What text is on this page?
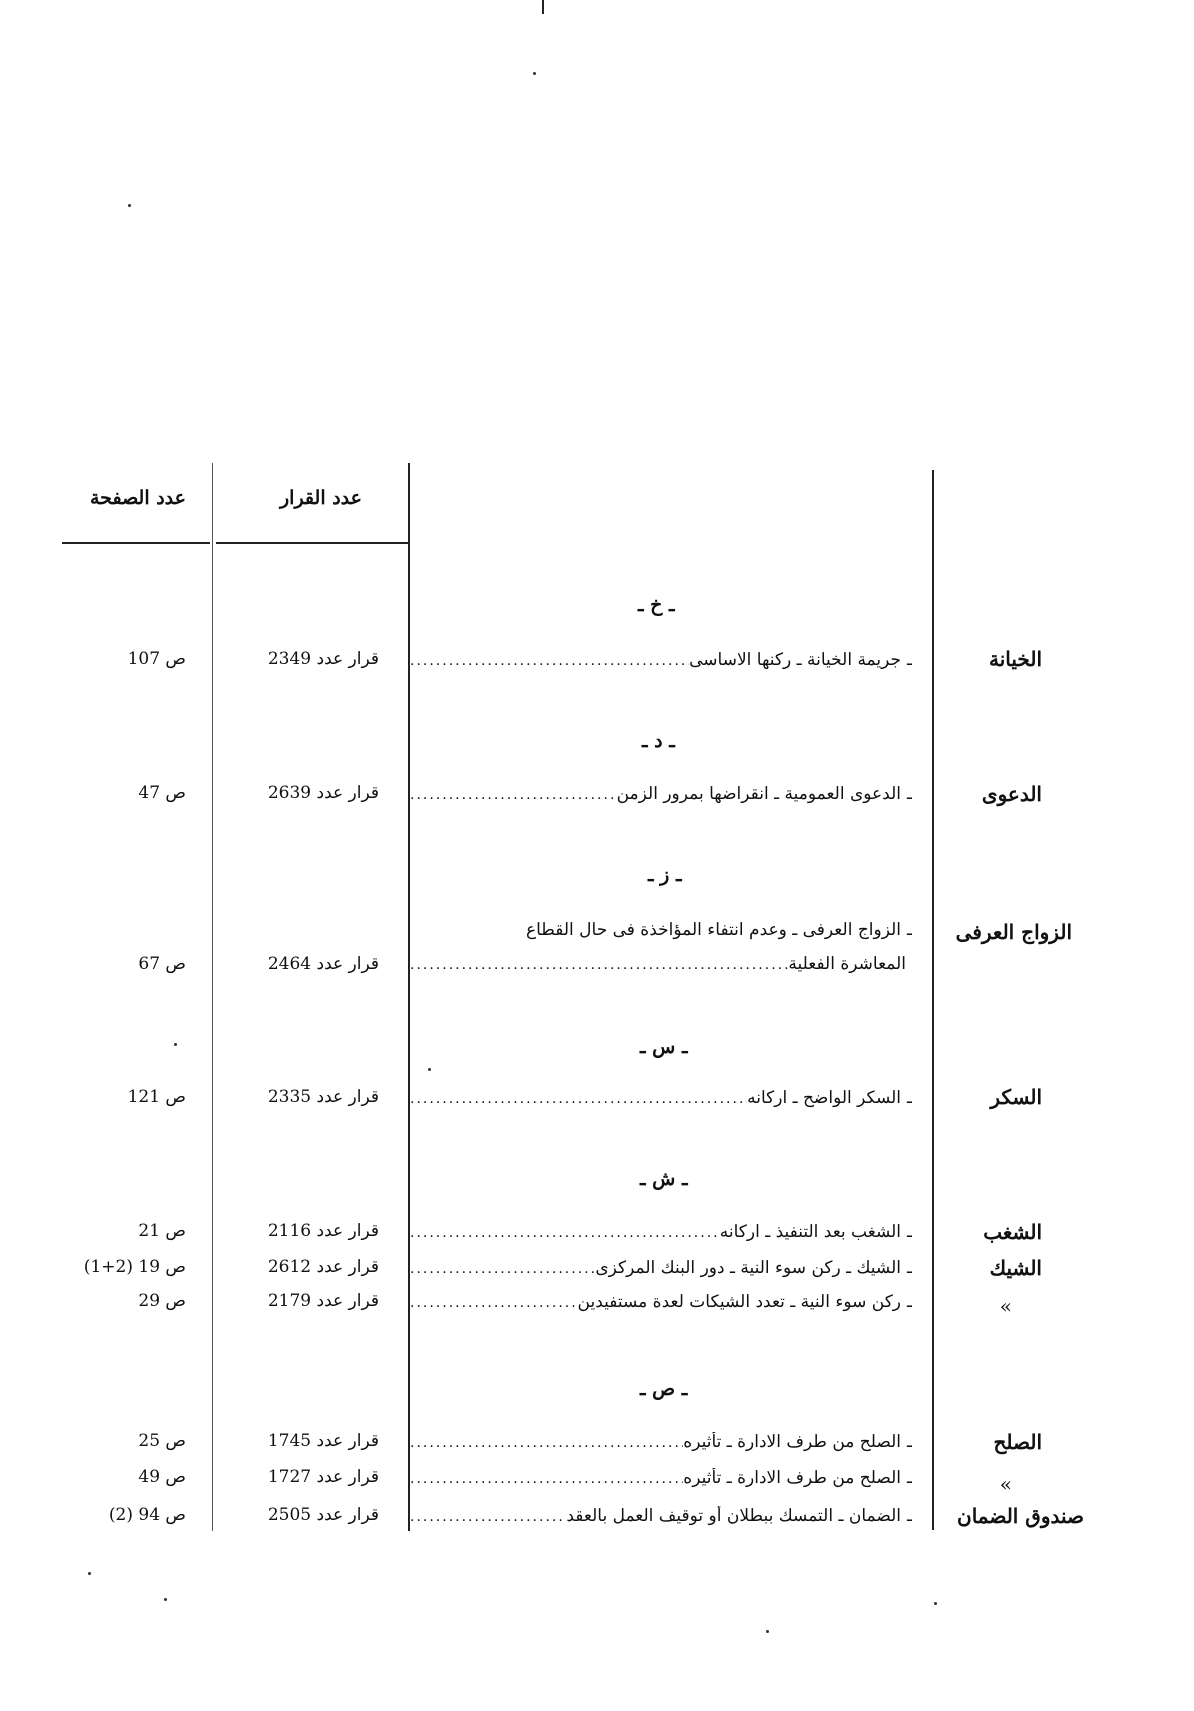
عدد الصفحة	عدد القرار
ـ خ ـ
الخيانة
ـ
جريمة الخيانة ـ ركنها الاساسى
.....
قرار عدد 2349
ص 107
ـ د ـ
الدعوى
ـ
الدعوى العمومية ـ انقراضها بمرور الزمن
.....
قرار عدد 2639
ص 47
ـ ز ـ
الزواج العرفى
ـ
الزواج العرفى ـ وعدم انتفاء المؤاخذة فى حال القطاع
المعاشرة الفعلية
.....
قرار عدد 2464
ص 67
ـ س ـ
السكر
ـ
السكر الواضح ـ اركانه
.....
قرار عدد 2335
ص 121
ـ ش ـ
الشغب
ـ
الشغب بعد التنفيذ ـ اركانه
.....
قرار عدد 2116
ص 21
الشيك
ـ
الشيك ـ ركن سوء النية ـ دور البنك المركزى
.....
قرار عدد 2612
ص 19 (2+1)
»
ـ
ركن سوء النية ـ تعدد الشيكات لعدة مستفيدين
.....
قرار عدد 2179
ص 29
ـ ص ـ
الصلح
ـ
الصلح من طرف الادارة ـ تأثيره
.....
قرار عدد 1745
ص 25
»
ـ
الصلح من طرف الادارة ـ تأثيره
.....
قرار عدد 1727
ص 49
صندوق الضمان
ـ
الضمان ـ التمسك ببطلان أو توقيف العمل بالعقد
.....
قرار عدد 2505
ص 94 (2)
